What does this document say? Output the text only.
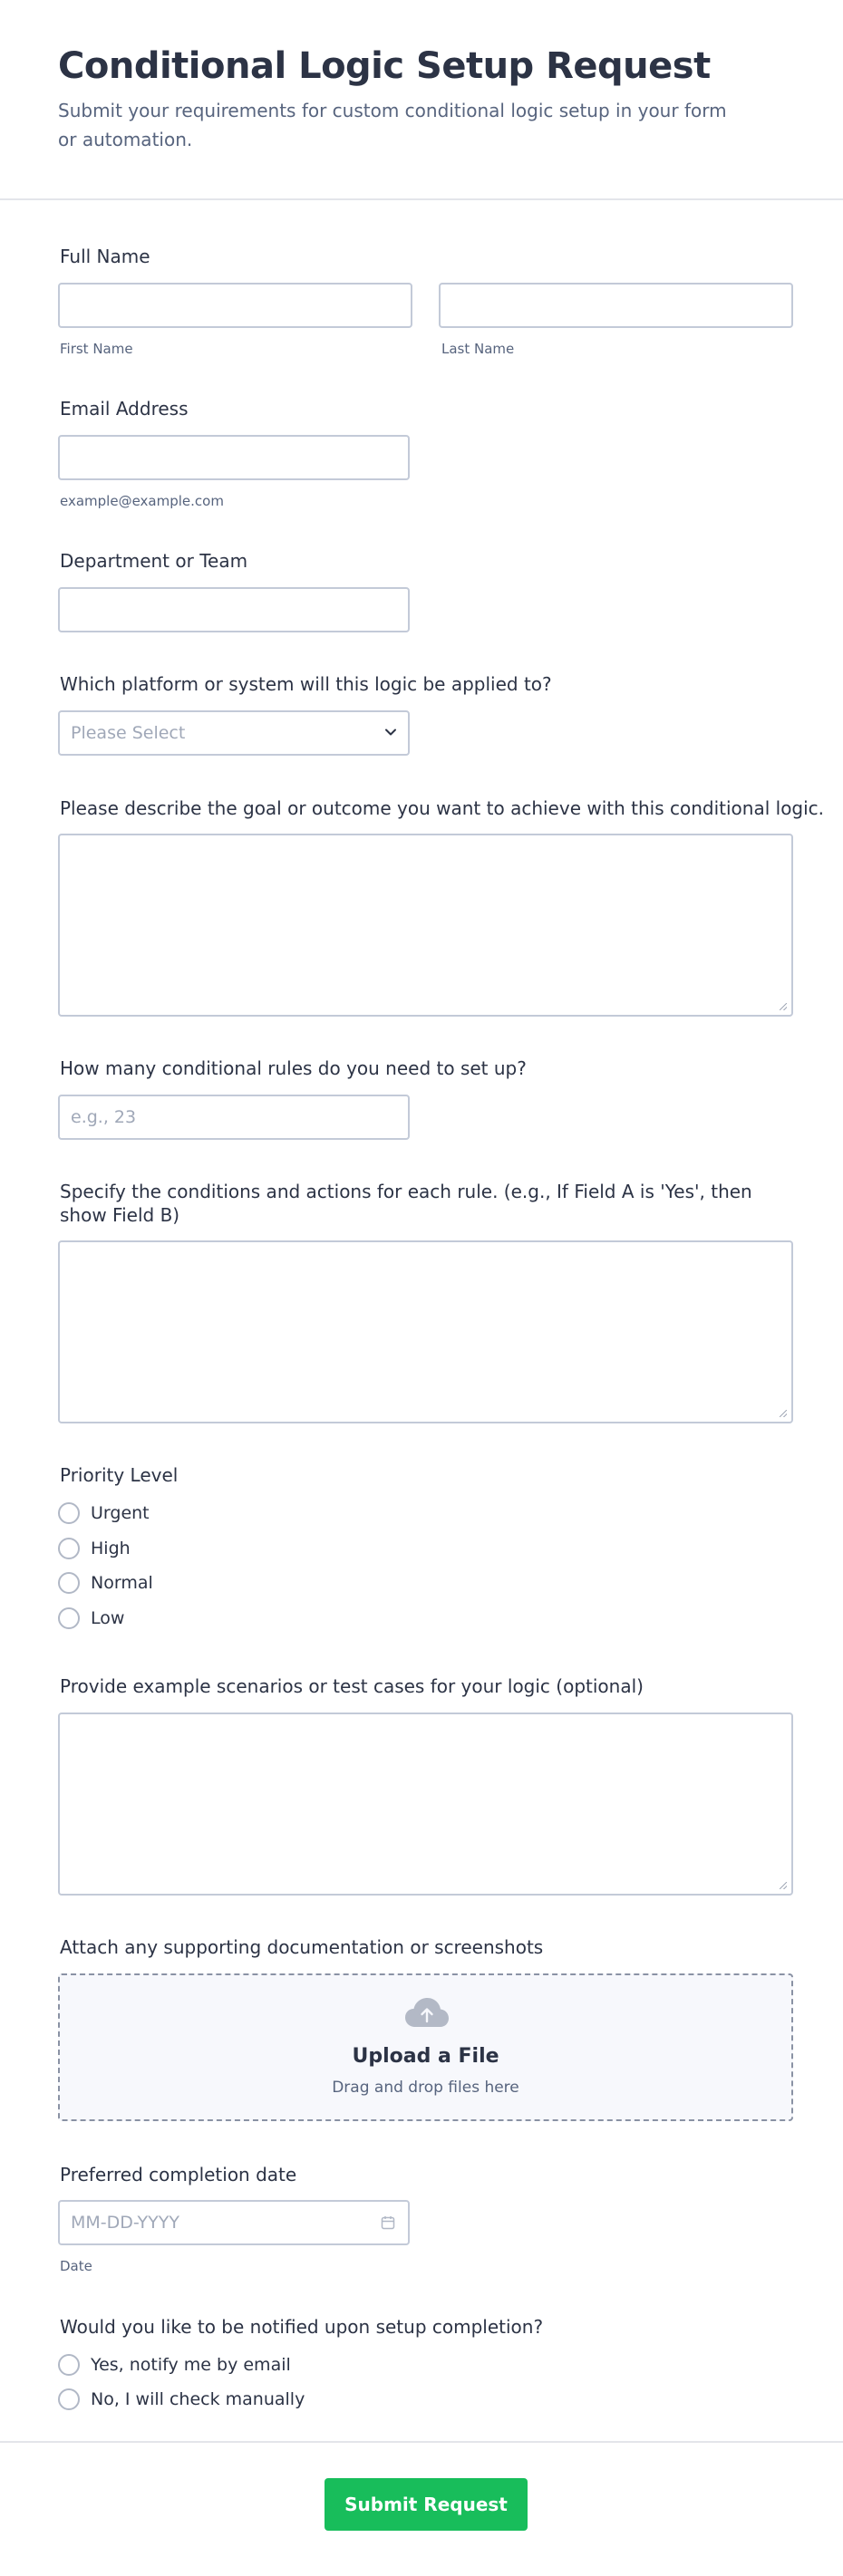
Conditional Logic Setup Request
Submit your requirements for custom conditional logic setup in your form or automation.
Full Name
First Name	Last Name
Email Address
example@example.com
Department or Team
Which platform or system will this logic be applied to?
Please Select
Please describe the goal or outcome you want to achieve with this conditional logic.
How many conditional rules do you need to set up?
e.g., 23
Specify the conditions and actions for each rule. (e.g., If Field A is 'Yes', then show Field B)
Priority Level
Urgent
High
Normal
Low
Provide example scenarios or test cases for your logic (optional)
Attach any supporting documentation or screenshots
Upload a File
Drag and drop files here
Preferred completion date
MM-DD-YYYY
Date
Would you like to be notified upon setup completion?
Yes, notify me by email
No, I will check manually
Submit Request
